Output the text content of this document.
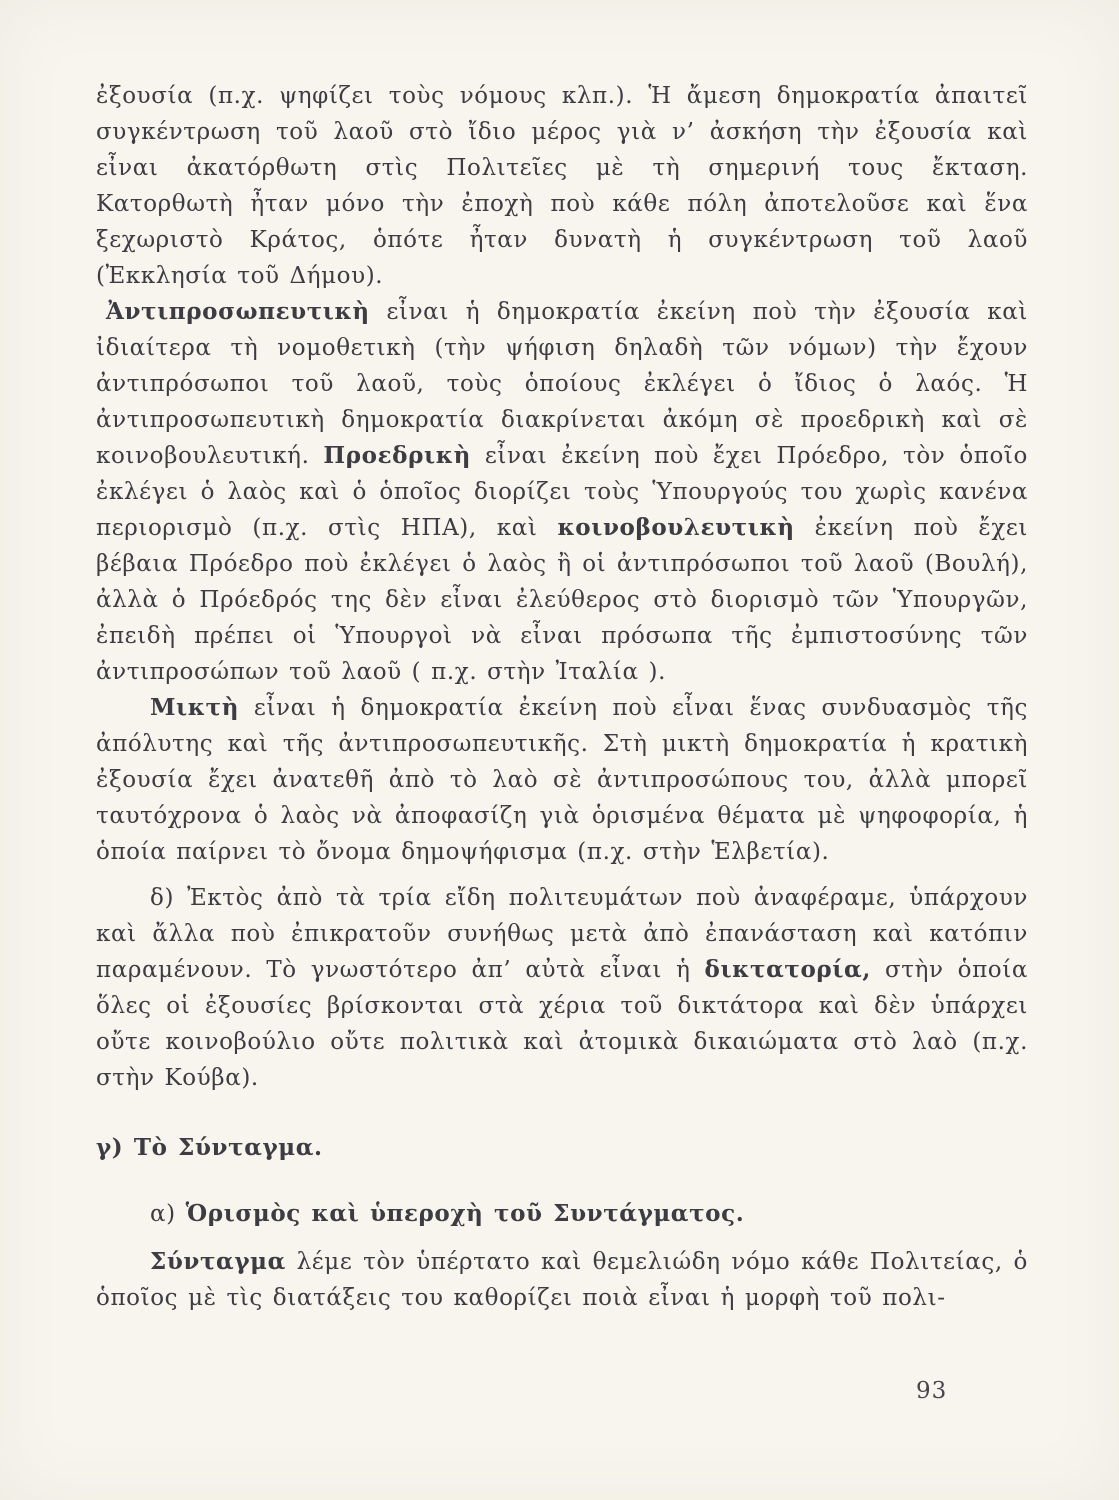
ἐξουσία (π.χ. ψηφίζει τοὺς νόμους κλπ.). Ἡ ἄμεση δημοκρατία ἀπαιτεῖ συγκέντρωση τοῦ λαοῦ στὸ ἴδιο μέρος γιὰ ν’ ἀσκήση τὴν ἐξουσία καὶ εἶναι ἀκατόρθωτη στὶς Πολιτεῖες μὲ τὴ σημερινή τους ἔκταση. Κατορθωτὴ ἦταν μόνο τὴν ἐποχὴ ποὺ κάθε πόλη ἀποτελοῦσε καὶ ἕνα ξεχωριστὸ Κράτος, ὁπότε ἦταν δυνατὴ ἡ συγκέντρωση τοῦ λαοῦ (Ἐκκλησία τοῦ Δήμου).

Ἀντιπροσωπευτικὴ εἶναι ἡ δημοκρατία ἐκείνη ποὺ τὴν ἐξουσία καὶ ἰδιαίτερα τὴ νομοθετικὴ (τὴν ψήφιση δηλαδὴ τῶν νόμων) τὴν ἔχουν ἀντιπρόσωποι τοῦ λαοῦ, τοὺς ὁποίους ἐκλέγει ὁ ἴδιος ὁ λαός. Ἡ ἀντιπροσωπευτικὴ δημοκρατία διακρίνεται ἀκόμη σὲ προεδρικὴ καὶ σὲ κοινοβουλευτική. Προεδρικὴ εἶναι ἐκείνη ποὺ ἔχει Πρόεδρο, τὸν ὁποῖο ἐκλέγει ὁ λαὸς καὶ ὁ ὁποῖος διορίζει τοὺς Ὑπουργούς του χωρὶς κανένα περιορισμὸ (π.χ. στὶς ΗΠΑ), καὶ κοινοβουλευτικὴ ἐκείνη ποὺ ἔχει βέβαια Πρόεδρο ποὺ ἐκλέγει ὁ λαὸς ἢ οἱ ἀντιπρόσωποι τοῦ λαοῦ (Βουλή), ἀλλὰ ὁ Πρόεδρός της δὲν εἶναι ἐλεύθερος στὸ διορισμὸ τῶν Ὑπουργῶν, ἐπειδὴ πρέπει οἱ Ὑπουργοὶ νὰ εἶναι πρόσωπα τῆς ἐμπιστοσύνης τῶν ἀντιπροσώπων τοῦ λαοῦ ( π.χ. στὴν Ἰταλία ).

Μικτὴ εἶναι ἡ δημοκρατία ἐκείνη ποὺ εἶναι ἕνας συνδυασμὸς τῆς ἀπόλυτης καὶ τῆς ἀντιπροσωπευτικῆς. Στὴ μικτὴ δημοκρατία ἡ κρατικὴ ἐξουσία ἔχει ἀνατεθῆ ἀπὸ τὸ λαὸ σὲ ἀντιπροσώπους του, ἀλλὰ μπορεῖ ταυτόχρονα ὁ λαὸς νὰ ἀποφασίζη γιὰ ὁρισμένα θέματα μὲ ψηφοφορία, ἡ ὁποία παίρνει τὸ ὄνομα δημοψήφισμα (π.χ. στὴν Ἑλβετία).

δ) Ἐκτὸς ἀπὸ τὰ τρία εἴδη πολιτευμάτων ποὺ ἀναφέραμε, ὑπάρχουν καὶ ἄλλα ποὺ ἐπικρατοῦν συνήθως μετὰ ἀπὸ ἐπανάσταση καὶ κατόπιν παραμένουν. Τὸ γνωστότερο ἀπ’ αὐτὰ εἶναι ἡ δικτατορία, στὴν ὁποία ὅλες οἱ ἐξουσίες βρίσκονται στὰ χέρια τοῦ δικτάτορα καὶ δὲν ὑπάρχει οὔτε κοινοβούλιο οὔτε πολιτικὰ καὶ ἀτομικὰ δικαιώματα στὸ λαὸ (π.χ. στὴν Κούβα).

γ) Τὸ Σύνταγμα.

α) Ὁρισμὸς καὶ ὑπεροχὴ τοῦ Συντάγματος.

Σύνταγμα λέμε τὸν ὑπέρτατο καὶ θεμελιώδη νόμο κάθε Πολιτείας, ὁ ὁποῖος μὲ τὶς διατάξεις του καθορίζει ποιὰ εἶναι ἡ μορφὴ τοῦ πολι-

93
